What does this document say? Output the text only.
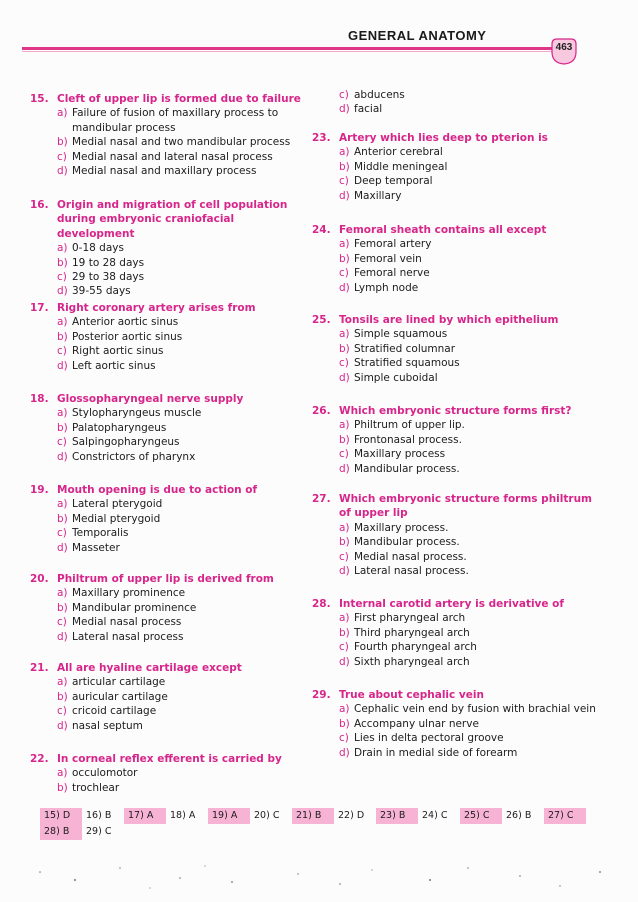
GENERAL ANATOMY
463
15. Cleft of upper lip is formed due to failure
a) Failure of fusion of maxillary process to mandibular process
b) Medial nasal and two mandibular process
c) Medial nasal and lateral nasal process
d) Medial nasal and maxillary process
16. Origin and migration of cell population during embryonic craniofacial development
a) 0-18 days
b) 19 to 28 days
c) 29 to 38 days
d) 39-55 days
17. Right coronary artery arises from
a) Anterior aortic sinus
b) Posterior aortic sinus
c) Right aortic sinus
d) Left aortic sinus
18. Glossopharyngeal nerve supply
a) Stylopharyngeus muscle
b) Palatopharyngeus
c) Salpingopharyngeus
d) Constrictors of pharynx
19. Mouth opening is due to action of
a) Lateral pterygoid
b) Medial pterygoid
c) Temporalis
d) Masseter
20. Philtrum of upper lip is derived from
a) Maxillary prominence
b) Mandibular prominence
c) Medial nasal process
d) Lateral nasal process
21. All are hyaline cartilage except
a) articular cartilage
b) auricular cartilage
c) cricoid cartilage
d) nasal septum
22. In corneal reflex efferent is carried by
a) occulomotor
b) trochlear
c) abducens
d) facial
23. Artery which lies deep to pterion is
a) Anterior cerebral
b) Middle meningeal
c) Deep temporal
d) Maxillary
24. Femoral sheath contains all except
a) Femoral artery
b) Femoral vein
c) Femoral nerve
d) Lymph node
25. Tonsils are lined by which epithelium
a) Simple squamous
b) Stratified columnar
c) Stratified squamous
d) Simple cuboidal
26. Which embryonic structure forms first?
a) Philtrum of upper lip.
b) Frontonasal process.
c) Maxillary process
d) Mandibular process.
27. Which embryonic structure forms philtrum of upper lip
a) Maxillary process.
b) Mandibular process.
c) Medial nasal process.
d) Lateral nasal process.
28. Internal carotid artery is derivative of
a) First pharyngeal arch
b) Third pharyngeal arch
c) Fourth pharyngeal arch
d) Sixth pharyngeal arch
29. True about cephalic vein
a) Cephalic vein end by fusion with brachial vein
b) Accompany ulnar nerve
c) Lies in delta pectoral groove
d) Drain in medial side of forearm
15) D	16) B	17) A	18) A	19) A	20) C	21) B	22) D	23) B	24) C	25) C	26) B	27) C
28) B	29) C
